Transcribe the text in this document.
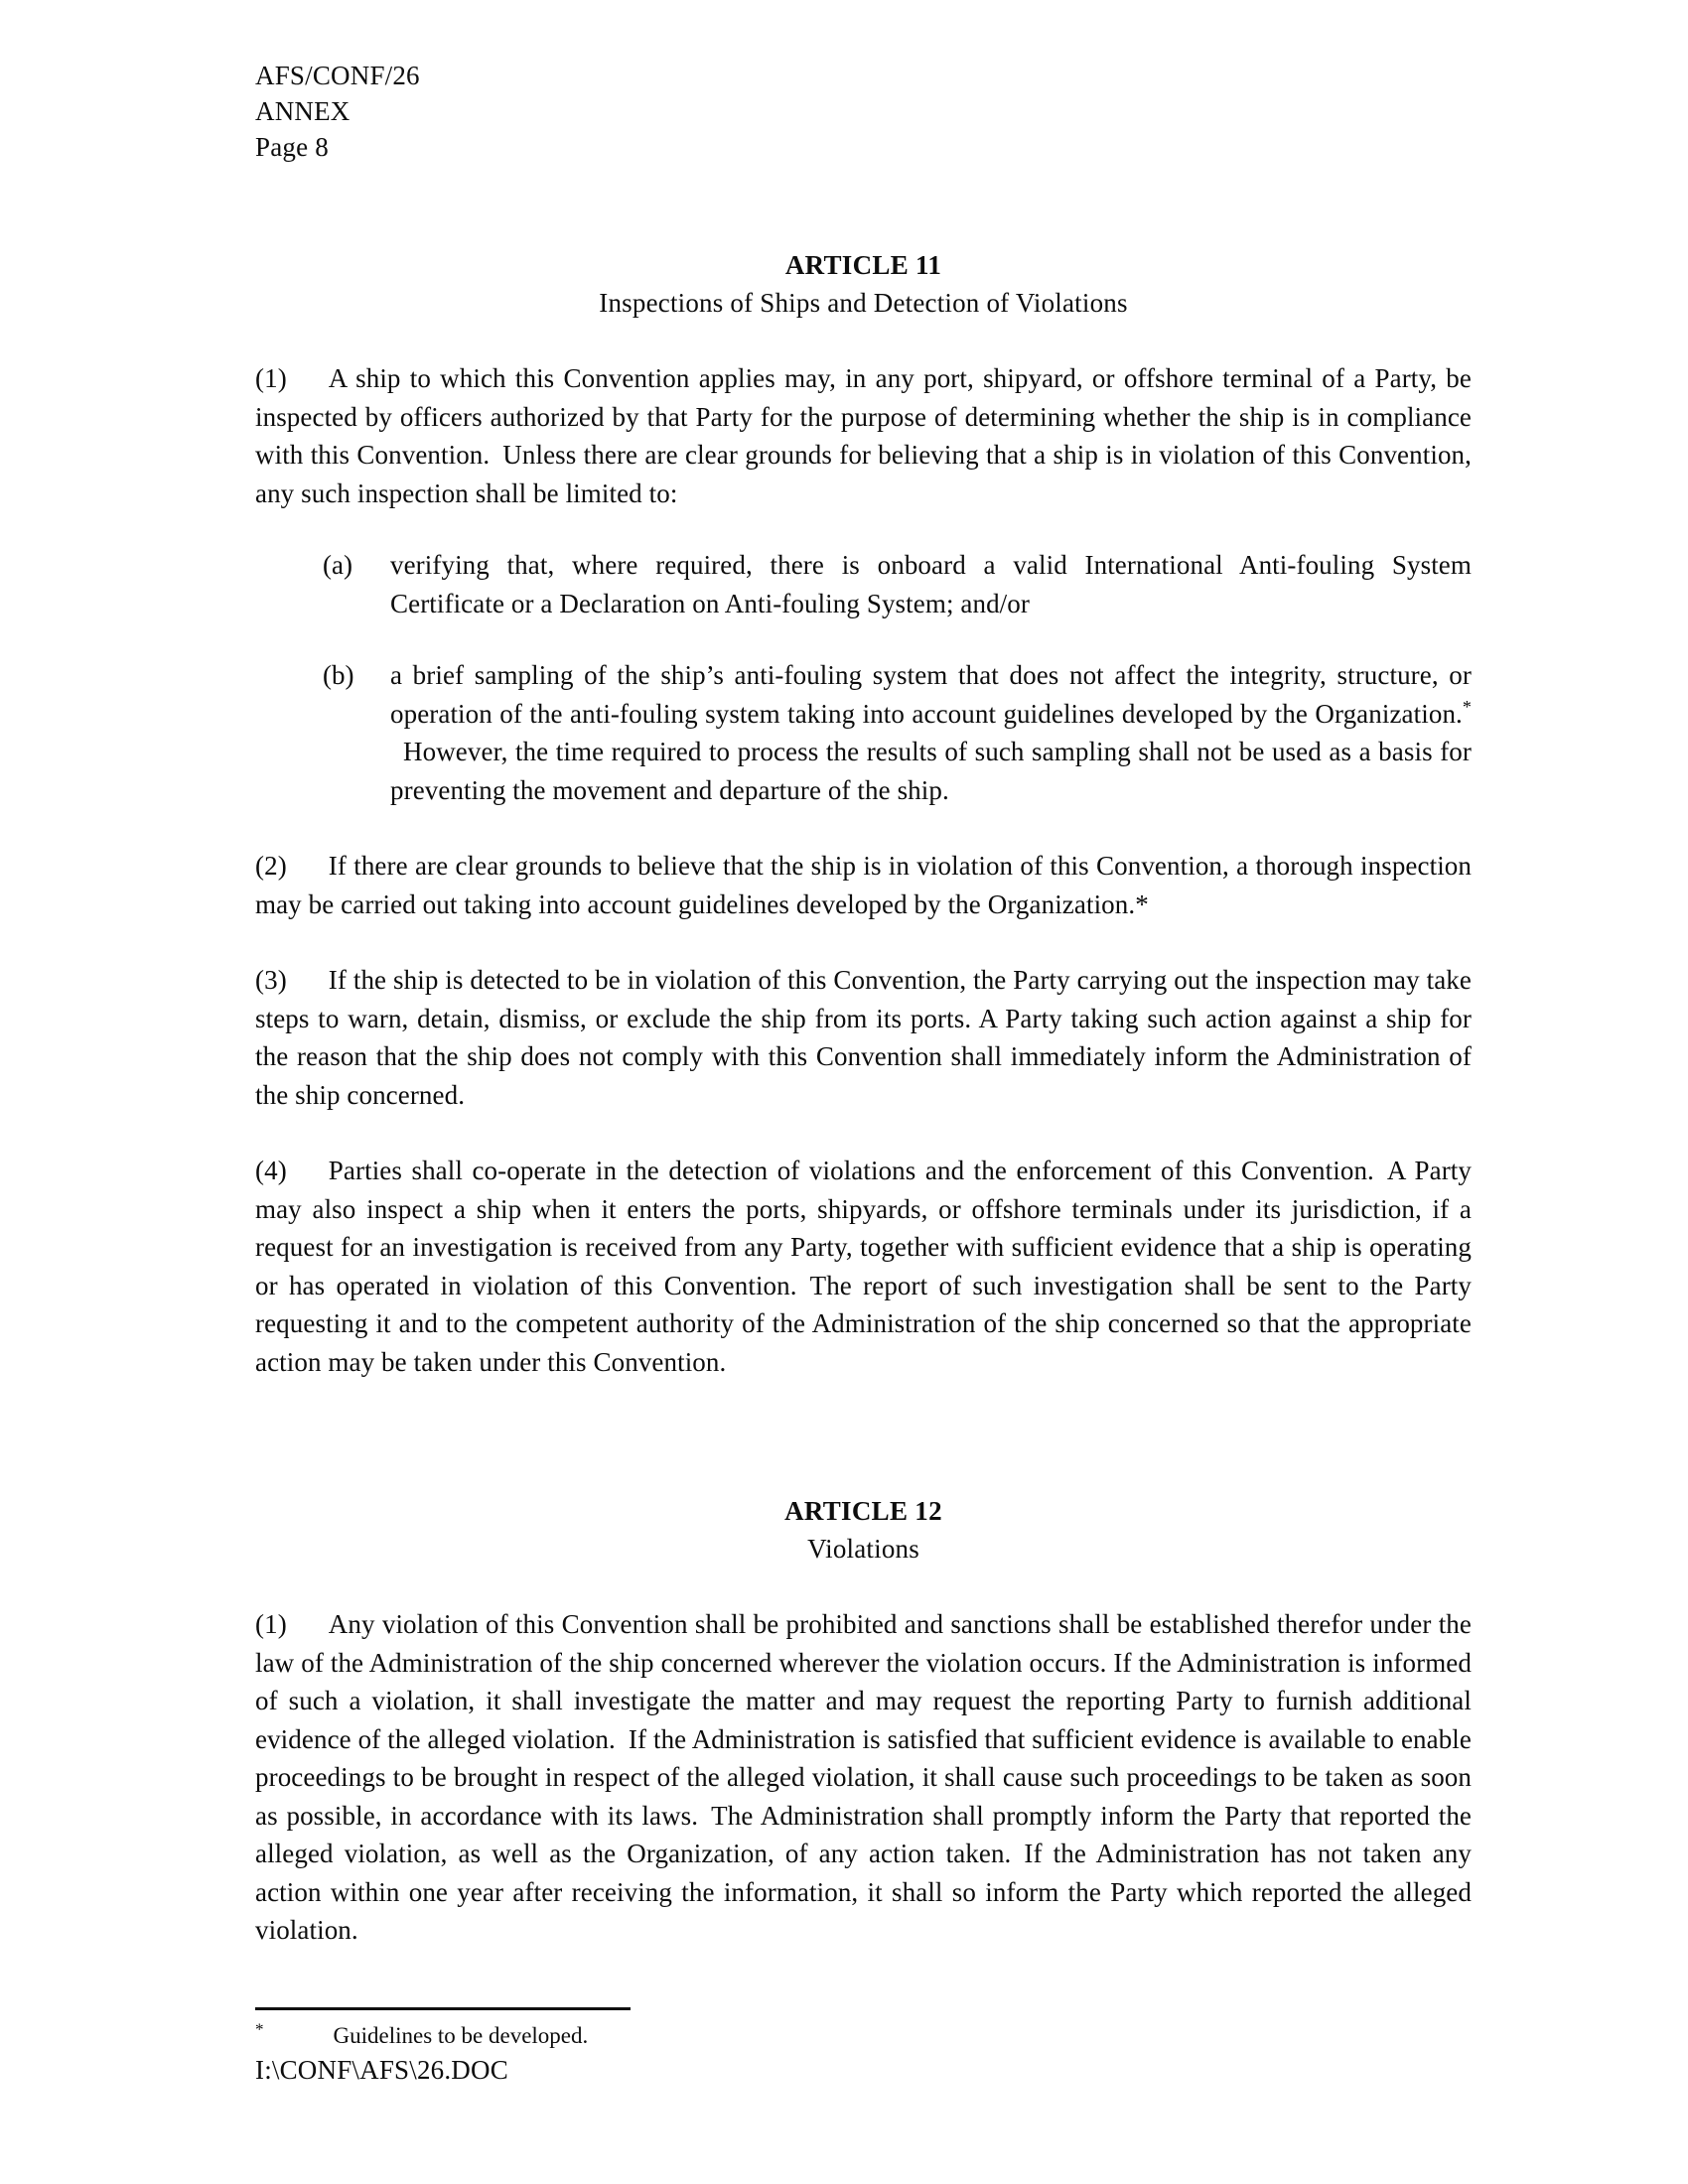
AFS/CONF/26
ANNEX
Page 8
ARTICLE 11
Inspections of Ships and Detection of Violations

(1) A ship to which this Convention applies may, in any port, shipyard, or offshore terminal of a Party, be inspected by officers authorized by that Party for the purpose of determining whether the ship is in compliance with this Convention. Unless there are clear grounds for believing that a ship is in violation of this Convention, any such inspection shall be limited to:

(a)	verifying that, where required, there is onboard a valid International Anti-fouling System Certificate or a Declaration on Anti-fouling System; and/or
(b)	a brief sampling of the ship’s anti-fouling system that does not affect the integrity, structure, or operation of the anti-fouling system taking into account guidelines developed by the Organization.*However, the time required to process the results of such sampling shall not be used as a basis for preventing the movement and departure of the ship.

(2) If there are clear grounds to believe that the ship is in violation of this Convention, a thorough inspection may be carried out taking into account guidelines developed by the Organization.*

(3) If the ship is detected to be in violation of this Convention, the Party carrying out the inspection may take steps to warn, detain, dismiss, or exclude the ship from its ports. A Party taking such action against a ship for the reason that the ship does not comply with this Convention shall immediately inform the Administration of the ship concerned.

(4) Parties shall co-operate in the detection of violations and the enforcement of this Convention. A Party may also inspect a ship when it enters the ports, shipyards, or offshore terminals under its jurisdiction, if a request for an investigation is received from any Party, together with sufficient evidence that a ship is operating or has operated in violation of this Convention. The report of such investigation shall be sent to the Party requesting it and to the competent authority of the Administration of the ship concerned so that the appropriate action may be taken under this Convention.

ARTICLE 12
Violations

(1) Any violation of this Convention shall be prohibited and sanctions shall be established therefor under the law of the Administration of the ship concerned wherever the violation occurs. If the Administration is informed of such a violation, it shall investigate the matter and may request the reporting Party to furnish additional evidence of the alleged violation. If the Administration is satisfied that sufficient evidence is available to enable proceedings to be brought in respect of the alleged violation, it shall cause such proceedings to be taken as soon as possible, in accordance with its laws. The Administration shall promptly inform the Party that reported the alleged violation, as well as the Organization, of any action taken. If the Administration has not taken any action within one year after receiving the information, it shall so inform the Party which reported the alleged violation.

*	Guidelines to be developed.
I:\CONF\AFS\26.DOC
